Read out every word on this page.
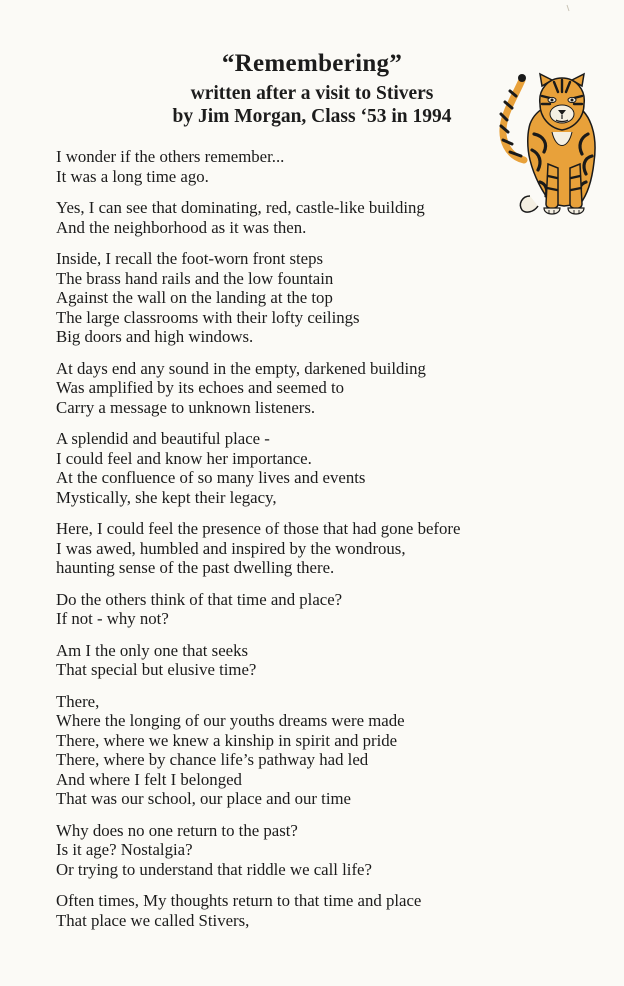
“Remembering”
written after a visit to Stivers
by Jim Morgan, Class ‘53 in 1994
I wonder if the others remember...
It was a long time ago.
Yes, I can see that dominating, red, castle-like building
And the neighborhood as it was then.
Inside, I recall the foot-worn front steps
The brass hand rails and the low fountain
Against the wall on the landing at the top
The large classrooms with their lofty ceilings
Big doors and high windows.
At days end any sound in the empty, darkened building
Was amplified by its echoes and seemed to
Carry a message to unknown listeners.
A splendid and beautiful place -
I could feel and know her importance.
At the confluence of so many lives and events
Mystically, she kept their legacy,
Here, I could feel the presence of those that had gone before
I was awed, humbled and inspired by the wondrous,
haunting sense of the past dwelling there.
Do the others think of that time and place?
If not - why not?
Am I the only one that seeks
That special but elusive time?
There,
Where the longing of our youths dreams were made
There, where we knew a kinship in spirit and pride
There, where by chance life’s pathway had led
And where I felt I belonged
That was our school, our place and our time
Why does no one return to the past?
Is it age? Nostalgia?
Or trying to understand that riddle we call life?
Often times, My thoughts return to that time and place
That place we called Stivers,
